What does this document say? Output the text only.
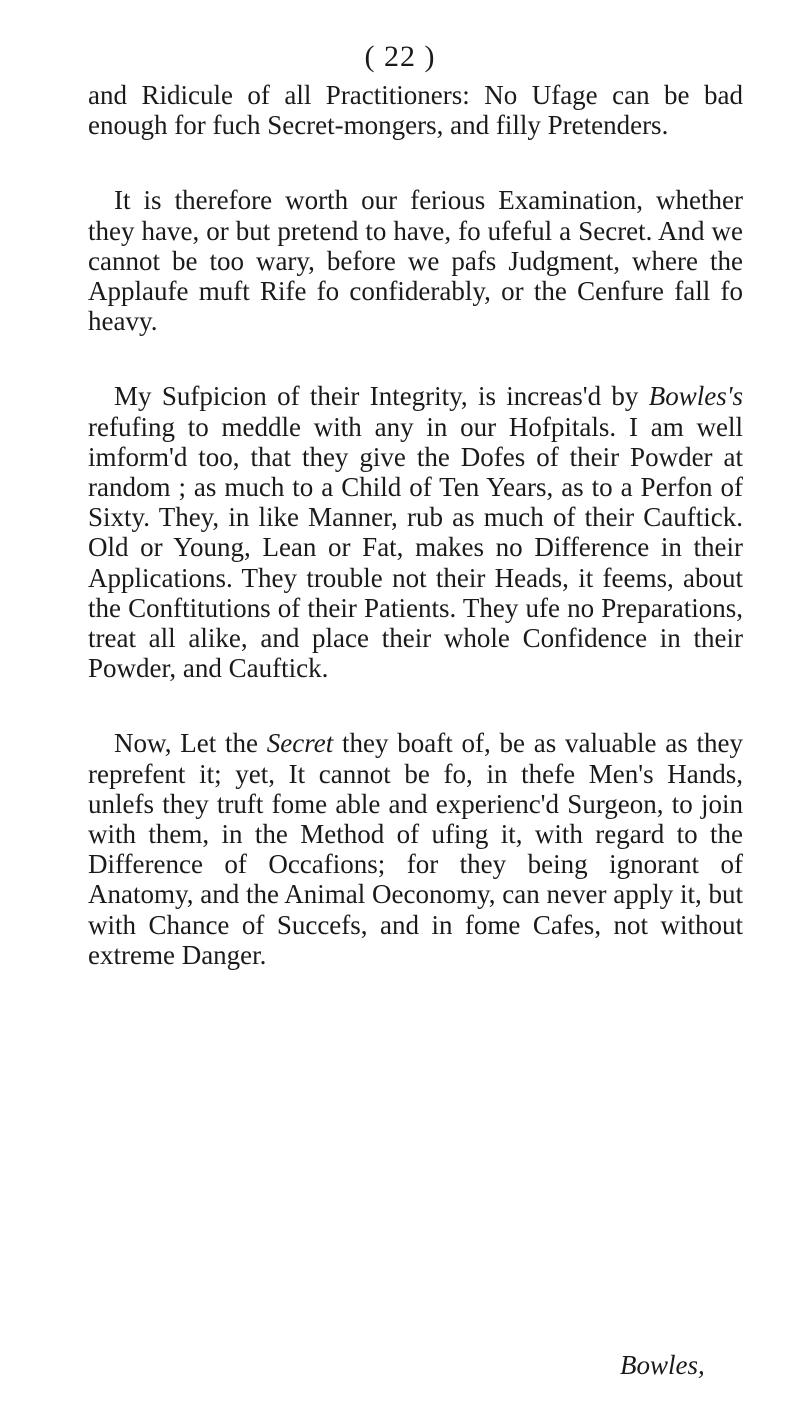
( 22 )

and Ridicule of all Practitioners: No Ufage can be bad enough for fuch Secret-mongers, and filly Pretenders.

It is therefore worth our ferious Examination, whether they have, or but pretend to have, fo ufeful a Secret. And we cannot be too wary, before we pafs Judgment, where the Applaufe muft Rife fo confiderably, or the Cenfure fall fo heavy.

My Sufpicion of their Integrity, is increas'd by Bowles's refufing to meddle with any in our Hofpitals. I am well imform'd too, that they give the Dofes of their Powder at random ; as much to a Child of Ten Years, as to a Perfon of Sixty. They, in like Manner, rub as much of their Cauftick. Old or Young, Lean or Fat, makes no Difference in their Applications. They trouble not their Heads, it feems, about the Conftitutions of their Patients. They ufe no Preparations, treat all alike, and place their whole Confidence in their Powder, and Cauftick.

Now, Let the Secret they boaft of, be as valuable as they reprefent it; yet, It cannot be fo, in thefe Men's Hands, unlefs they truft fome able and experienc'd Surgeon, to join with them, in the Method of ufing it, with regard to the Difference of Occafions; for they being ignorant of Anatomy, and the Animal Oeconomy, can never apply it, but with Chance of Succefs, and in fome Cafes, not without extreme Danger.

Bowles,
